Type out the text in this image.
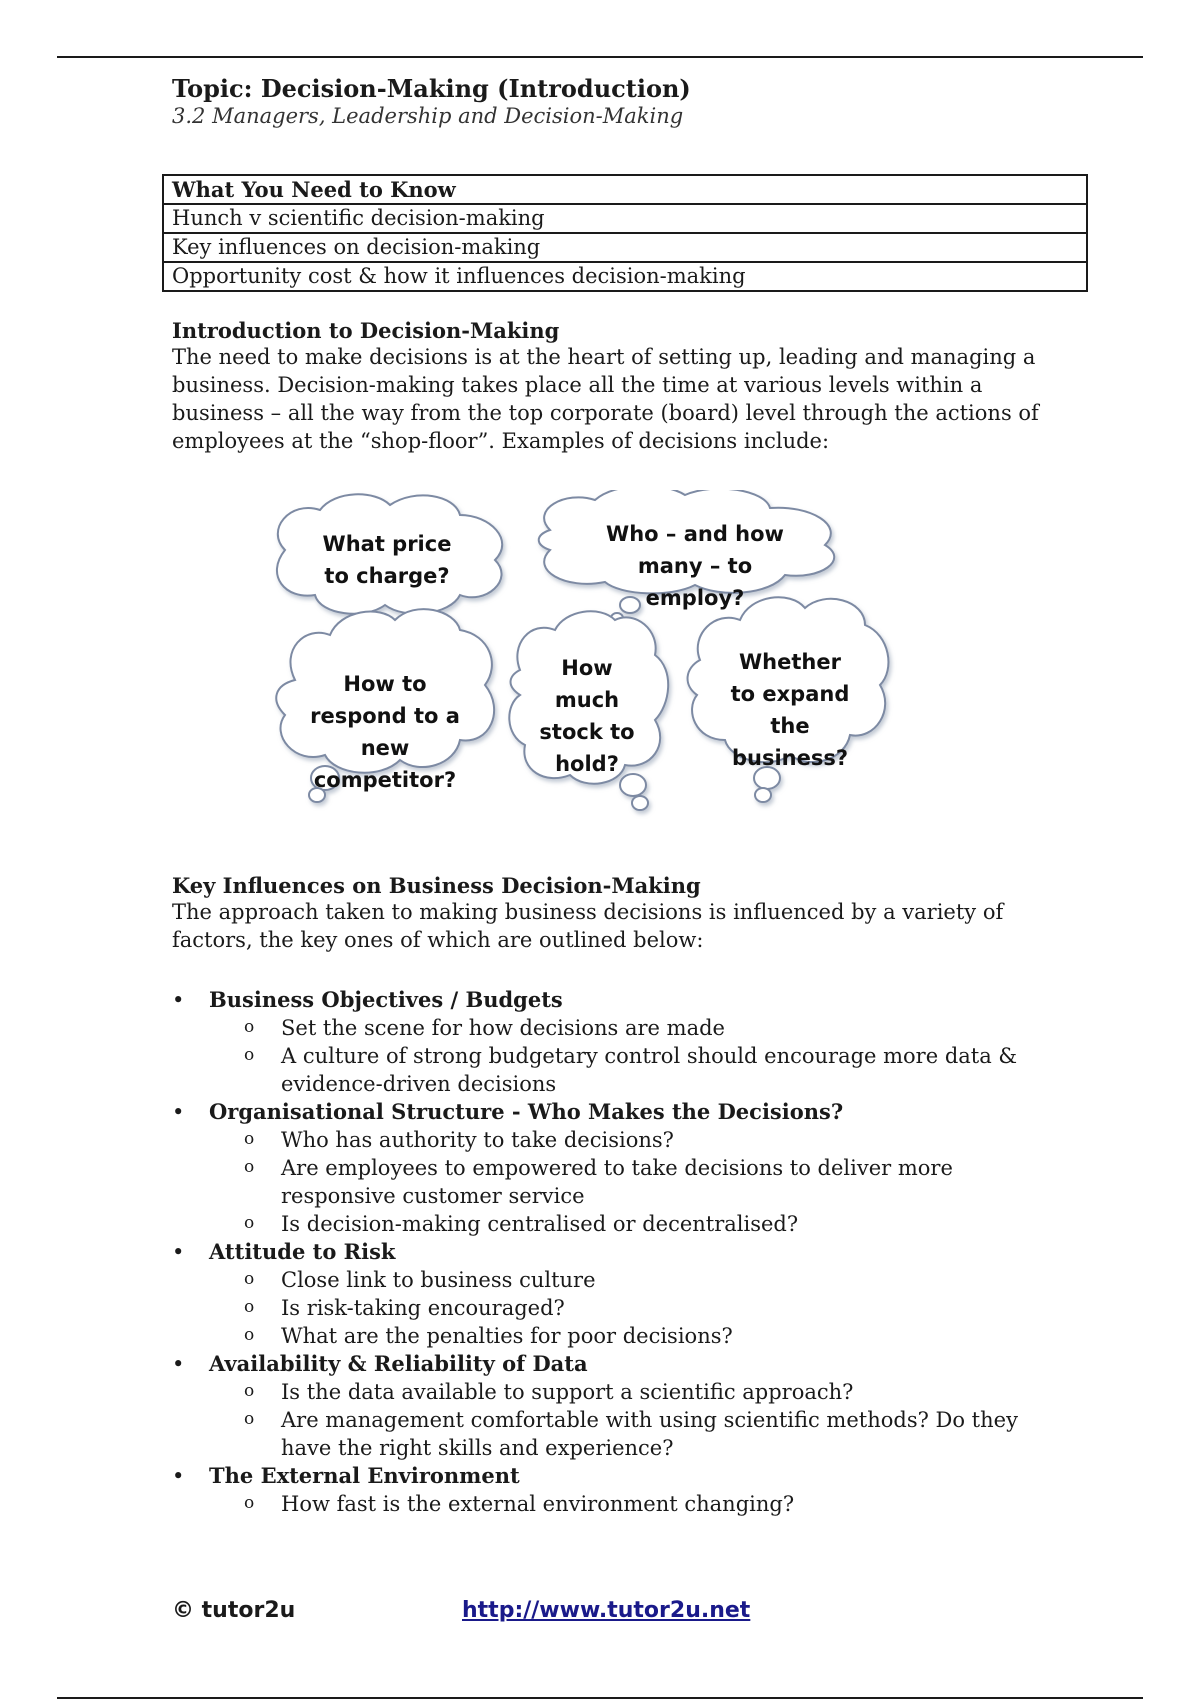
Topic: Decision-Making (Introduction)

3.2 Managers, Leadership and Decision-Making

What You Need to Know
Hunch v scientific decision-making
Key influences on decision-making
Opportunity cost & how it influences decision-making

Introduction to Decision-Making

The need to make decisions is at the heart of setting up, leading and managing a

business. Decision-making takes place all the time at various levels within a

business – all the way from the top corporate (board) level through the actions of

employees at the “shop-floor”. Examples of decisions include:

What price
to charge?
Who – and how
many – to employ?
How to
respond to a
new
competitor?
How
much
stock to
hold?
Whether
to expand
the
business?

Key Influences on Business Decision-Making

The approach taken to making business decisions is influenced by a variety of

factors, the key ones of which are outlined below:

• Business Objectives / Budgets
o Set the scene for how decisions are made
o A culture of strong budgetary control should encourage more data & evidence-driven decisions
• Organisational Structure - Who Makes the Decisions?
o Who has authority to take decisions?
o Are employees to empowered to take decisions to deliver more responsive customer service
o Is decision-making centralised or decentralised?
• Attitude to Risk
o Close link to business culture
o Is risk-taking encouraged?
o What are the penalties for poor decisions?
• Availability & Reliability of Data
o Is the data available to support a scientific approach?
o Are management comfortable with using scientific methods? Do they have the right skills and experience?
• The External Environment
o How fast is the external environment changing?
© tutor2u	http://www.tutor2u.net
